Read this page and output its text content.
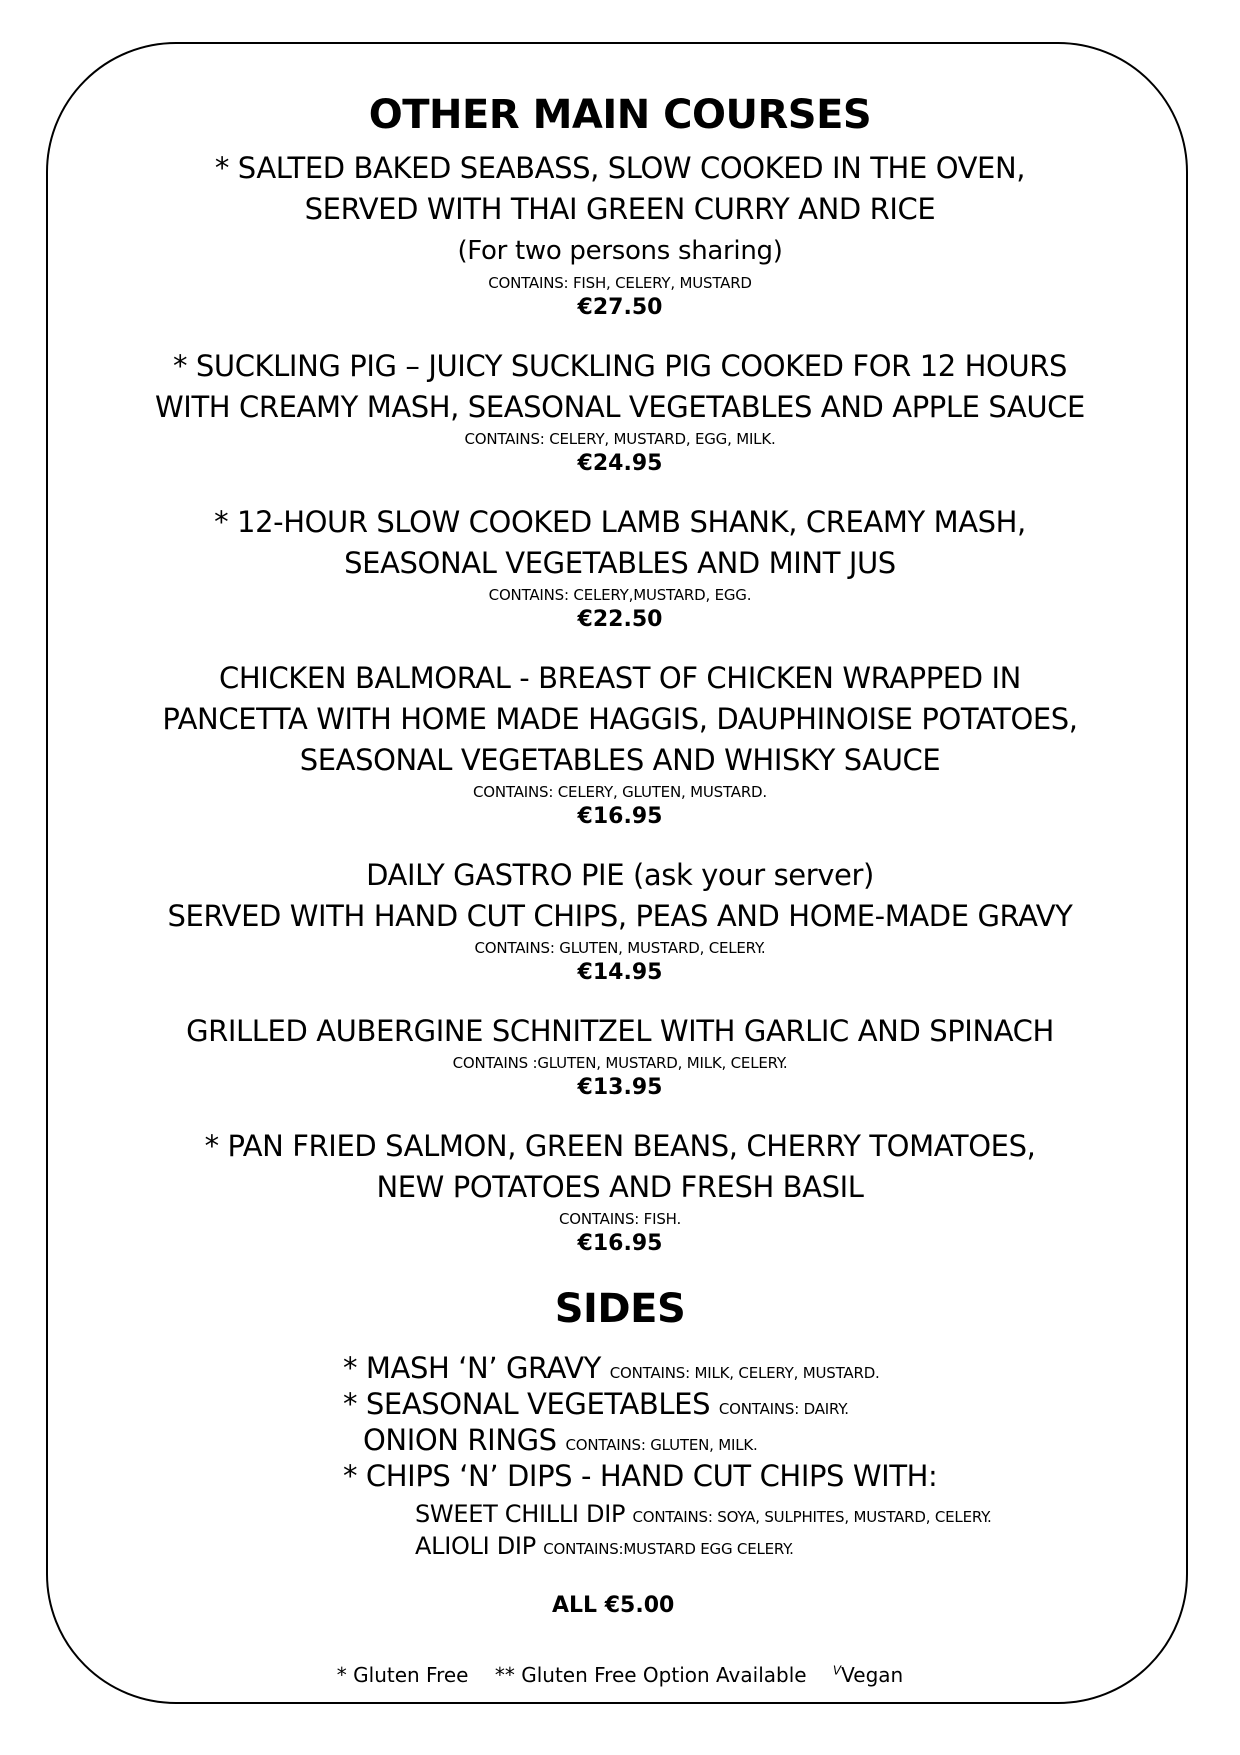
OTHER MAIN COURSES
* SALTED BAKED SEABASS, SLOW COOKED IN THE OVEN,
SERVED WITH THAI GREEN CURRY AND RICE
(For two persons sharing)
CONTAINS: FISH, CELERY, MUSTARD
€27.50
* SUCKLING PIG – JUICY SUCKLING PIG COOKED FOR 12 HOURS
WITH CREAMY MASH, SEASONAL VEGETABLES AND APPLE SAUCE
CONTAINS: CELERY, MUSTARD, EGG, MILK.
€24.95
* 12-HOUR SLOW COOKED LAMB SHANK, CREAMY MASH,
SEASONAL VEGETABLES AND MINT JUS
CONTAINS: CELERY,MUSTARD, EGG.
€22.50
CHICKEN BALMORAL - BREAST OF CHICKEN WRAPPED IN
PANCETTA WITH HOME MADE HAGGIS, DAUPHINOISE POTATOES,
SEASONAL VEGETABLES AND WHISKY SAUCE
CONTAINS: CELERY, GLUTEN, MUSTARD.
€16.95
DAILY GASTRO PIE (ask your server)
SERVED WITH HAND CUT CHIPS, PEAS AND HOME-MADE GRAVY
CONTAINS: GLUTEN, MUSTARD, CELERY.
€14.95
GRILLED AUBERGINE SCHNITZEL WITH GARLIC AND SPINACH
CONTAINS :GLUTEN, MUSTARD, MILK, CELERY.
€13.95
* PAN FRIED SALMON, GREEN BEANS, CHERRY TOMATOES,
NEW POTATOES AND FRESH BASIL
CONTAINS: FISH.
€16.95
SIDES
* MASH ‘N’ GRAVY CONTAINS: MILK, CELERY, MUSTARD.
* SEASONAL VEGETABLES CONTAINS: DAIRY.
ONION RINGS CONTAINS: GLUTEN, MILK.
* CHIPS ‘N’ DIPS - HAND CUT CHIPS WITH:
SWEET CHILLI DIP CONTAINS: SOYA, SULPHITES, MUSTARD, CELERY.
ALIOLI DIP CONTAINS:MUSTARD EGG CELERY.
ALL €5.00
* Gluten Free ** Gluten Free Option Available $^V$Vegan
